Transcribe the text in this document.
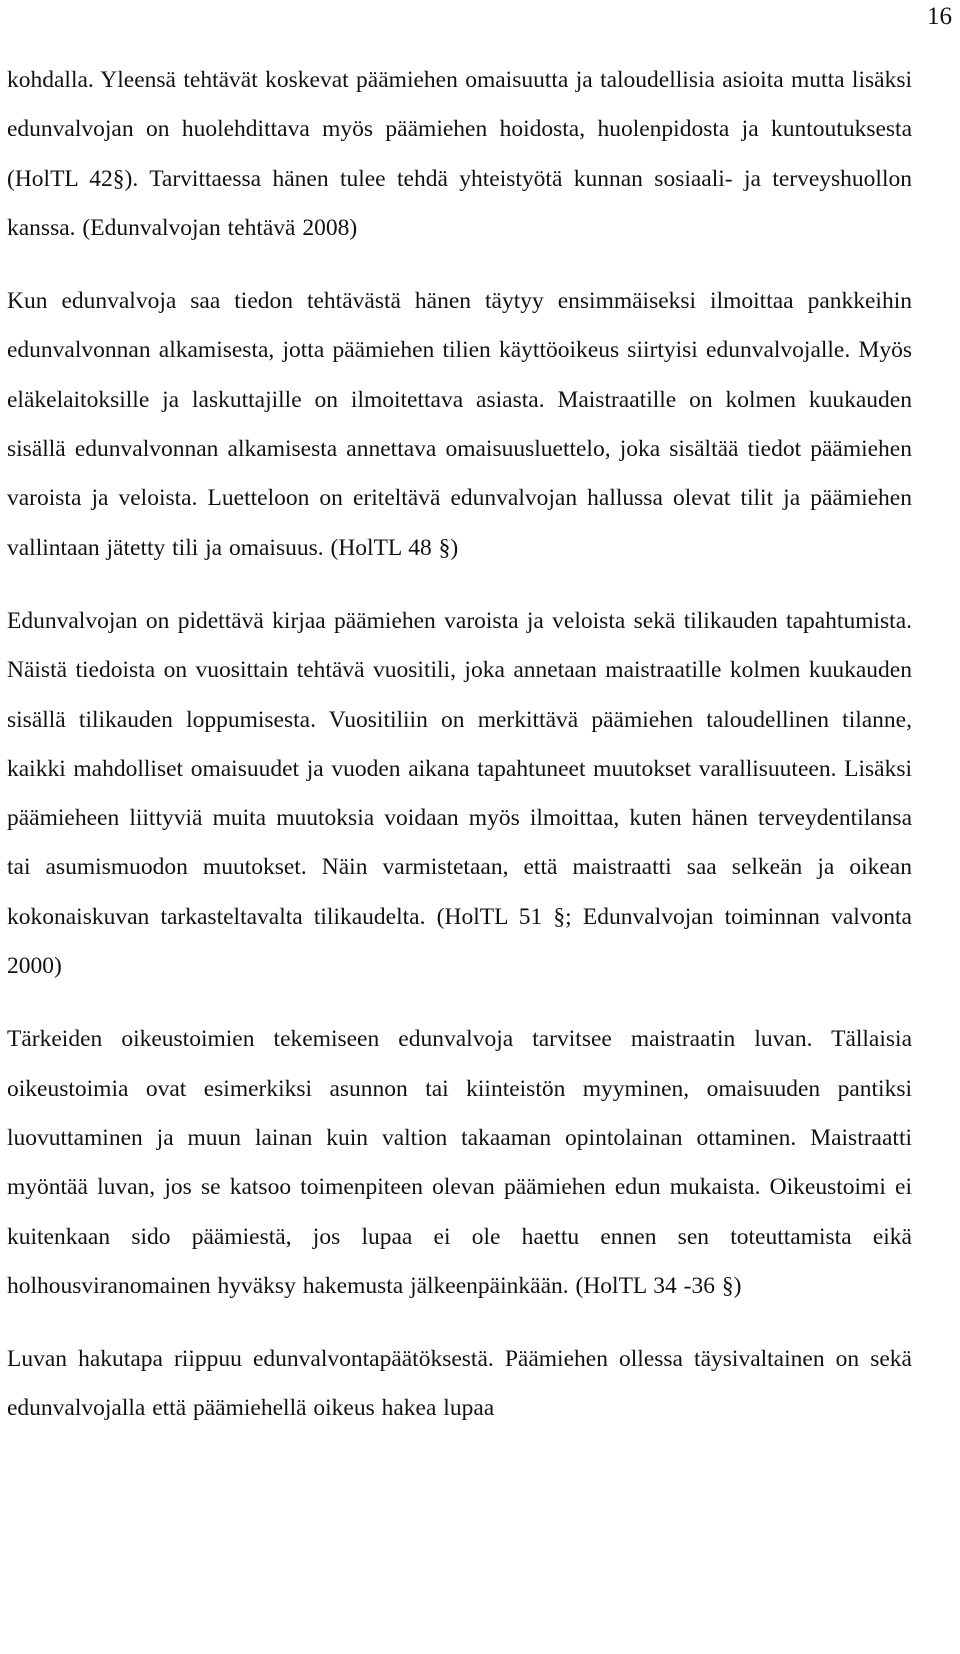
16

kohdalla. Yleensä tehtävät koskevat päämiehen omaisuutta ja taloudellisia asioita mutta lisäksi edunvalvojan on huolehdittava myös päämiehen hoidosta, huolenpidosta ja kuntoutuksesta (HolTL 42§). Tarvittaessa hänen tulee tehdä yhteistyötä kunnan sosiaali- ja terveyshuollon kanssa. (Edunvalvojan tehtävä 2008)

Kun edunvalvoja saa tiedon tehtävästä hänen täytyy ensimmäiseksi ilmoittaa pankkeihin edunvalvonnan alkamisesta, jotta päämiehen tilien käyttöoikeus siirtyisi edunvalvojalle. Myös eläkelaitoksille ja laskuttajille on ilmoitettava asiasta. Maistraatille on kolmen kuukauden sisällä edunvalvonnan alkamisesta annettava omaisuusluettelo, joka sisältää tiedot päämiehen varoista ja veloista. Luetteloon on eriteltävä edunvalvojan hallussa olevat tilit ja päämiehen vallintaan jätetty tili ja omaisuus. (HolTL 48 §)

Edunvalvojan on pidettävä kirjaa päämiehen varoista ja veloista sekä tilikauden tapahtumista. Näistä tiedoista on vuosittain tehtävä vuositili, joka annetaan maistraatille kolmen kuukauden sisällä tilikauden loppumisesta. Vuositiliin on merkittävä päämiehen taloudellinen tilanne, kaikki mahdolliset omaisuudet ja vuoden aikana tapahtuneet muutokset varallisuuteen. Lisäksi päämieheen liittyviä muita muutoksia voidaan myös ilmoittaa, kuten hänen terveydentilansa tai asumismuodon muutokset. Näin varmistetaan, että maistraatti saa selkeän ja oikean kokonaiskuvan tarkasteltavalta tilikaudelta. (HolTL 51 §; Edunvalvojan toiminnan valvonta 2000)

Tärkeiden oikeustoimien tekemiseen edunvalvoja tarvitsee maistraatin luvan. Tällaisia oikeustoimia ovat esimerkiksi asunnon tai kiinteistön myyminen, omaisuuden pantiksi luovuttaminen ja muun lainan kuin valtion takaaman opintolainan ottaminen. Maistraatti myöntää luvan, jos se katsoo toimenpiteen olevan päämiehen edun mukaista. Oikeustoimi ei kuitenkaan sido päämiestä, jos lupaa ei ole haettu ennen sen toteuttamista eikä holhousviranomainen hyväksy hakemusta jälkeenpäinkään. (HolTL 34 -36 §)

Luvan hakutapa riippuu edunvalvontapäätöksestä. Päämiehen ollessa täysivaltainen on sekä edunvalvojalla että päämiehellä oikeus hakea lupaa
